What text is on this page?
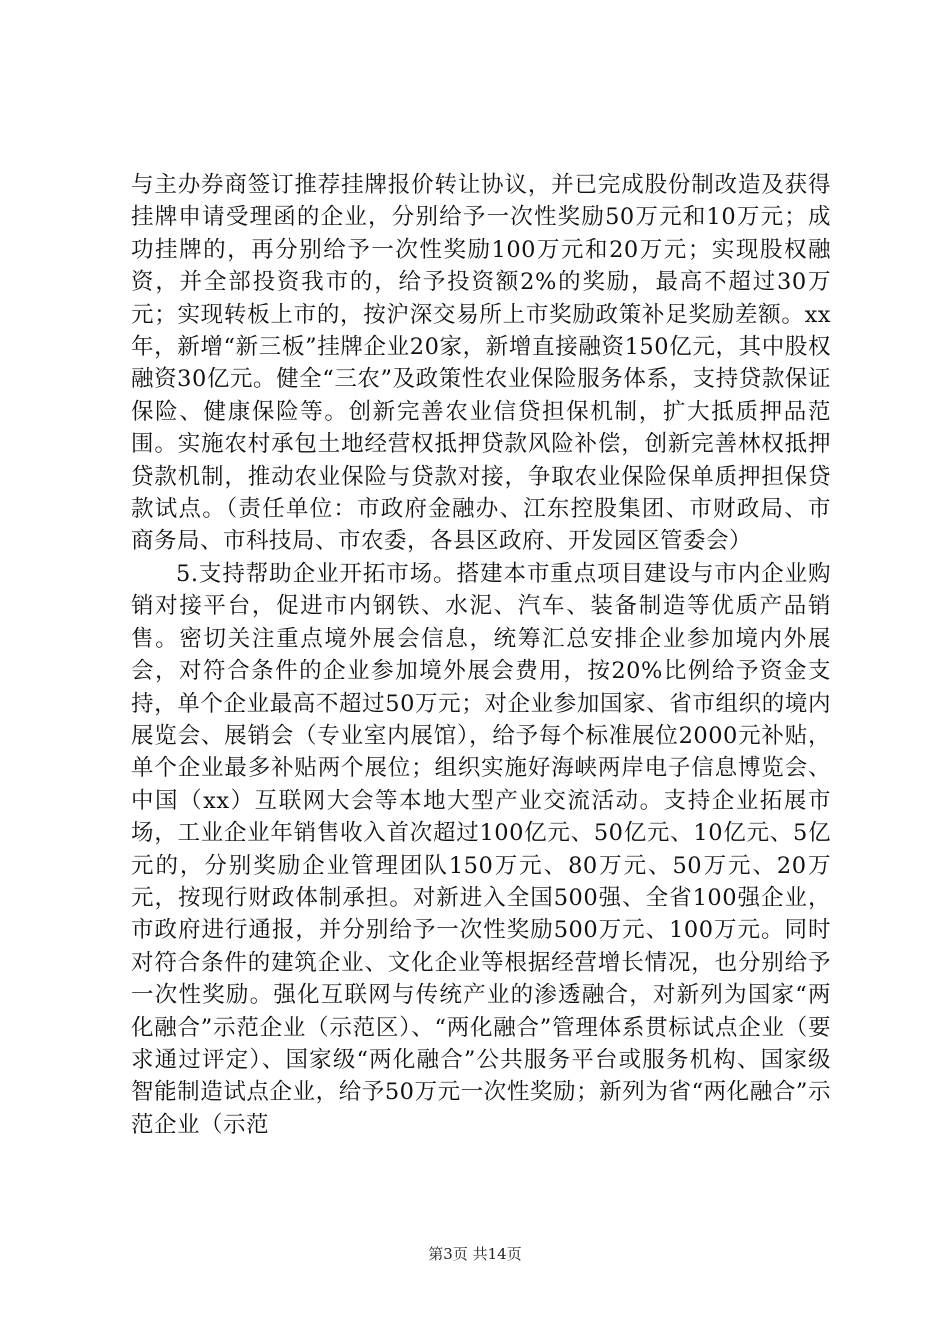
与主办券商签订推荐挂牌报价转让协议，并已完成股份制改造及获得挂牌申请受理函的企业，分别给予一次性奖励50万元和10万元；成功挂牌的，再分别给予一次性奖励100万元和20万元；实现股权融资，并全部投资我市的，给予投资额2%的奖励，最高不超过30万元；实现转板上市的，按沪深交易所上市奖励政策补足奖励差额。xx年，新增“新三板”挂牌企业20家，新增直接融资150亿元，其中股权融资30亿元。健全“三农”及政策性农业保险服务体系，支持贷款保证保险、健康保险等。创新完善农业信贷担保机制，扩大抵质押品范围。实施农村承包土地经营权抵押贷款风险补偿，创新完善林权抵押贷款机制，推动农业保险与贷款对接，争取农业保险保单质押担保贷款试点。（责任单位：市政府金融办、江东控股集团、市财政局、市商务局、市科技局、市农委，各县区政府、开发园区管委会）

5.支持帮助企业开拓市场。搭建本市重点项目建设与市内企业购销对接平台，促进市内钢铁、水泥、汽车、装备制造等优质产品销售。密切关注重点境外展会信息，统筹汇总安排企业参加境内外展会，对符合条件的企业参加境外展会费用，按20%比例给予资金支持，单个企业最高不超过50万元；对企业参加国家、省市组织的境内展览会、展销会（专业室内展馆），给予每个标准展位2000元补贴，单个企业最多补贴两个展位；组织实施好海峡两岸电子信息博览会、中国（xx）互联网大会等本地大型产业交流活动。支持企业拓展市场，工业企业年销售收入首次超过100亿元、50亿元、10亿元、5亿元的，分别奖励企业管理团队150万元、80万元、50万元、20万元，按现行财政体制承担。对新进入全国500强、全省100强企业，市政府进行通报，并分别给予一次性奖励500万元、100万元。同时对符合条件的建筑企业、文化企业等根据经营增长情况，也分别给予一次性奖励。强化互联网与传统产业的渗透融合，对新列为国家“两化融合”示范企业（示范区）、“两化融合”管理体系贯标试点企业（要求通过评定）、国家级“两化融合”公共服务平台或服务机构、国家级智能制造试点企业，给予50万元一次性奖励；新列为省“两化融合”示范企业（示范

第3页 共14页
